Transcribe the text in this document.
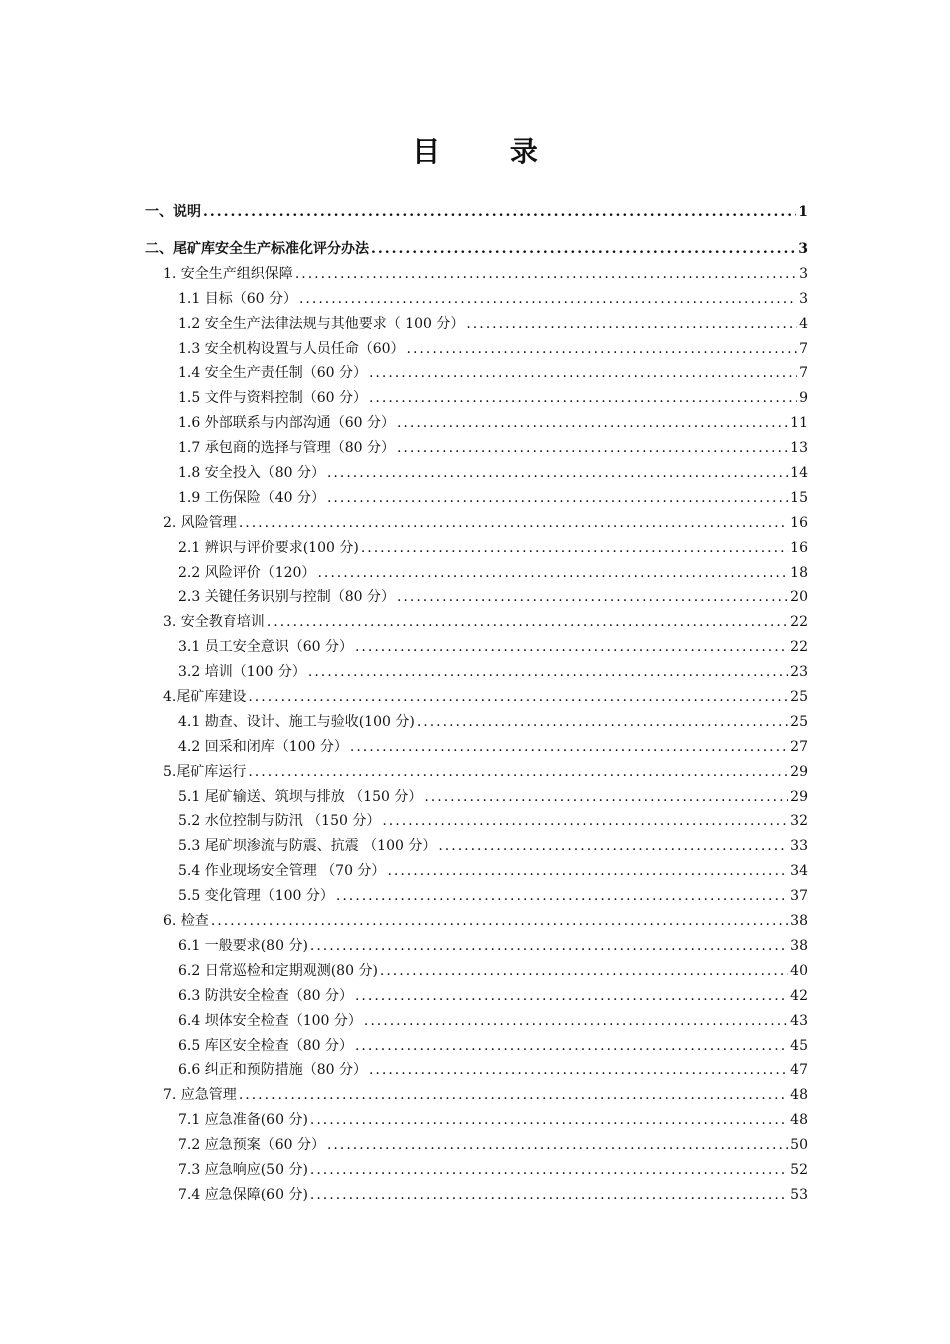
目 录
一、说明 .....	1
二、尾矿库安全生产标准化评分办法 .....	3
1. 安全生产组织保障 .....	3
1.1 目标（60 分） .....	3
1.2 安全生产法律法规与其他要求（ 100 分） .....	4
1.3 安全机构设置与人员任命（60） .....	7
1.4 安全生产责任制（60 分） .....	7
1.5 文件与资料控制（60 分） .....	9
1.6 外部联系与内部沟通（60 分） .....	11
1.7 承包商的选择与管理（80 分） .....	13
1.8 安全投入（80 分） .....	14
1.9 工伤保险（40 分） .....	15
2. 风险管理 .....	16
2.1 辨识与评价要求(100 分) .....	16
2.2 风险评价（120） .....	18
2.3 关键任务识别与控制（80 分） .....	20
3. 安全教育培训 .....	22
3.1 员工安全意识（60 分） .....	22
3.2 培训（100 分） .....	23
4.尾矿库建设 .....	25
4.1 勘查、设计、施工与验收(100 分) .....	25
4.2 回采和闭库（100 分） .....	27
5.尾矿库运行 .....	29
5.1 尾矿输送、筑坝与排放 （150 分） .....	29
5.2 水位控制与防汛 （150 分） .....	32
5.3 尾矿坝渗流与防震、抗震 （100 分） .....	33
5.4 作业现场安全管理 （70 分） .....	34
5.5 变化管理（100 分） .....	37
6. 检查 .....	38
6.1 一般要求(80 分) .....	38
6.2 日常巡检和定期观测(80 分) .....	40
6.3 防洪安全检查（80 分） .....	42
6.4 坝体安全检查（100 分） .....	43
6.5 库区安全检查（80 分） .....	45
6.6 纠正和预防措施（80 分） .....	47
7. 应急管理 .....	48
7.1 应急准备(60 分) .....	48
7.2 应急预案（60 分） .....	50
7.3 应急响应(50 分) .....	52
7.4 应急保障(60 分) .....	53
